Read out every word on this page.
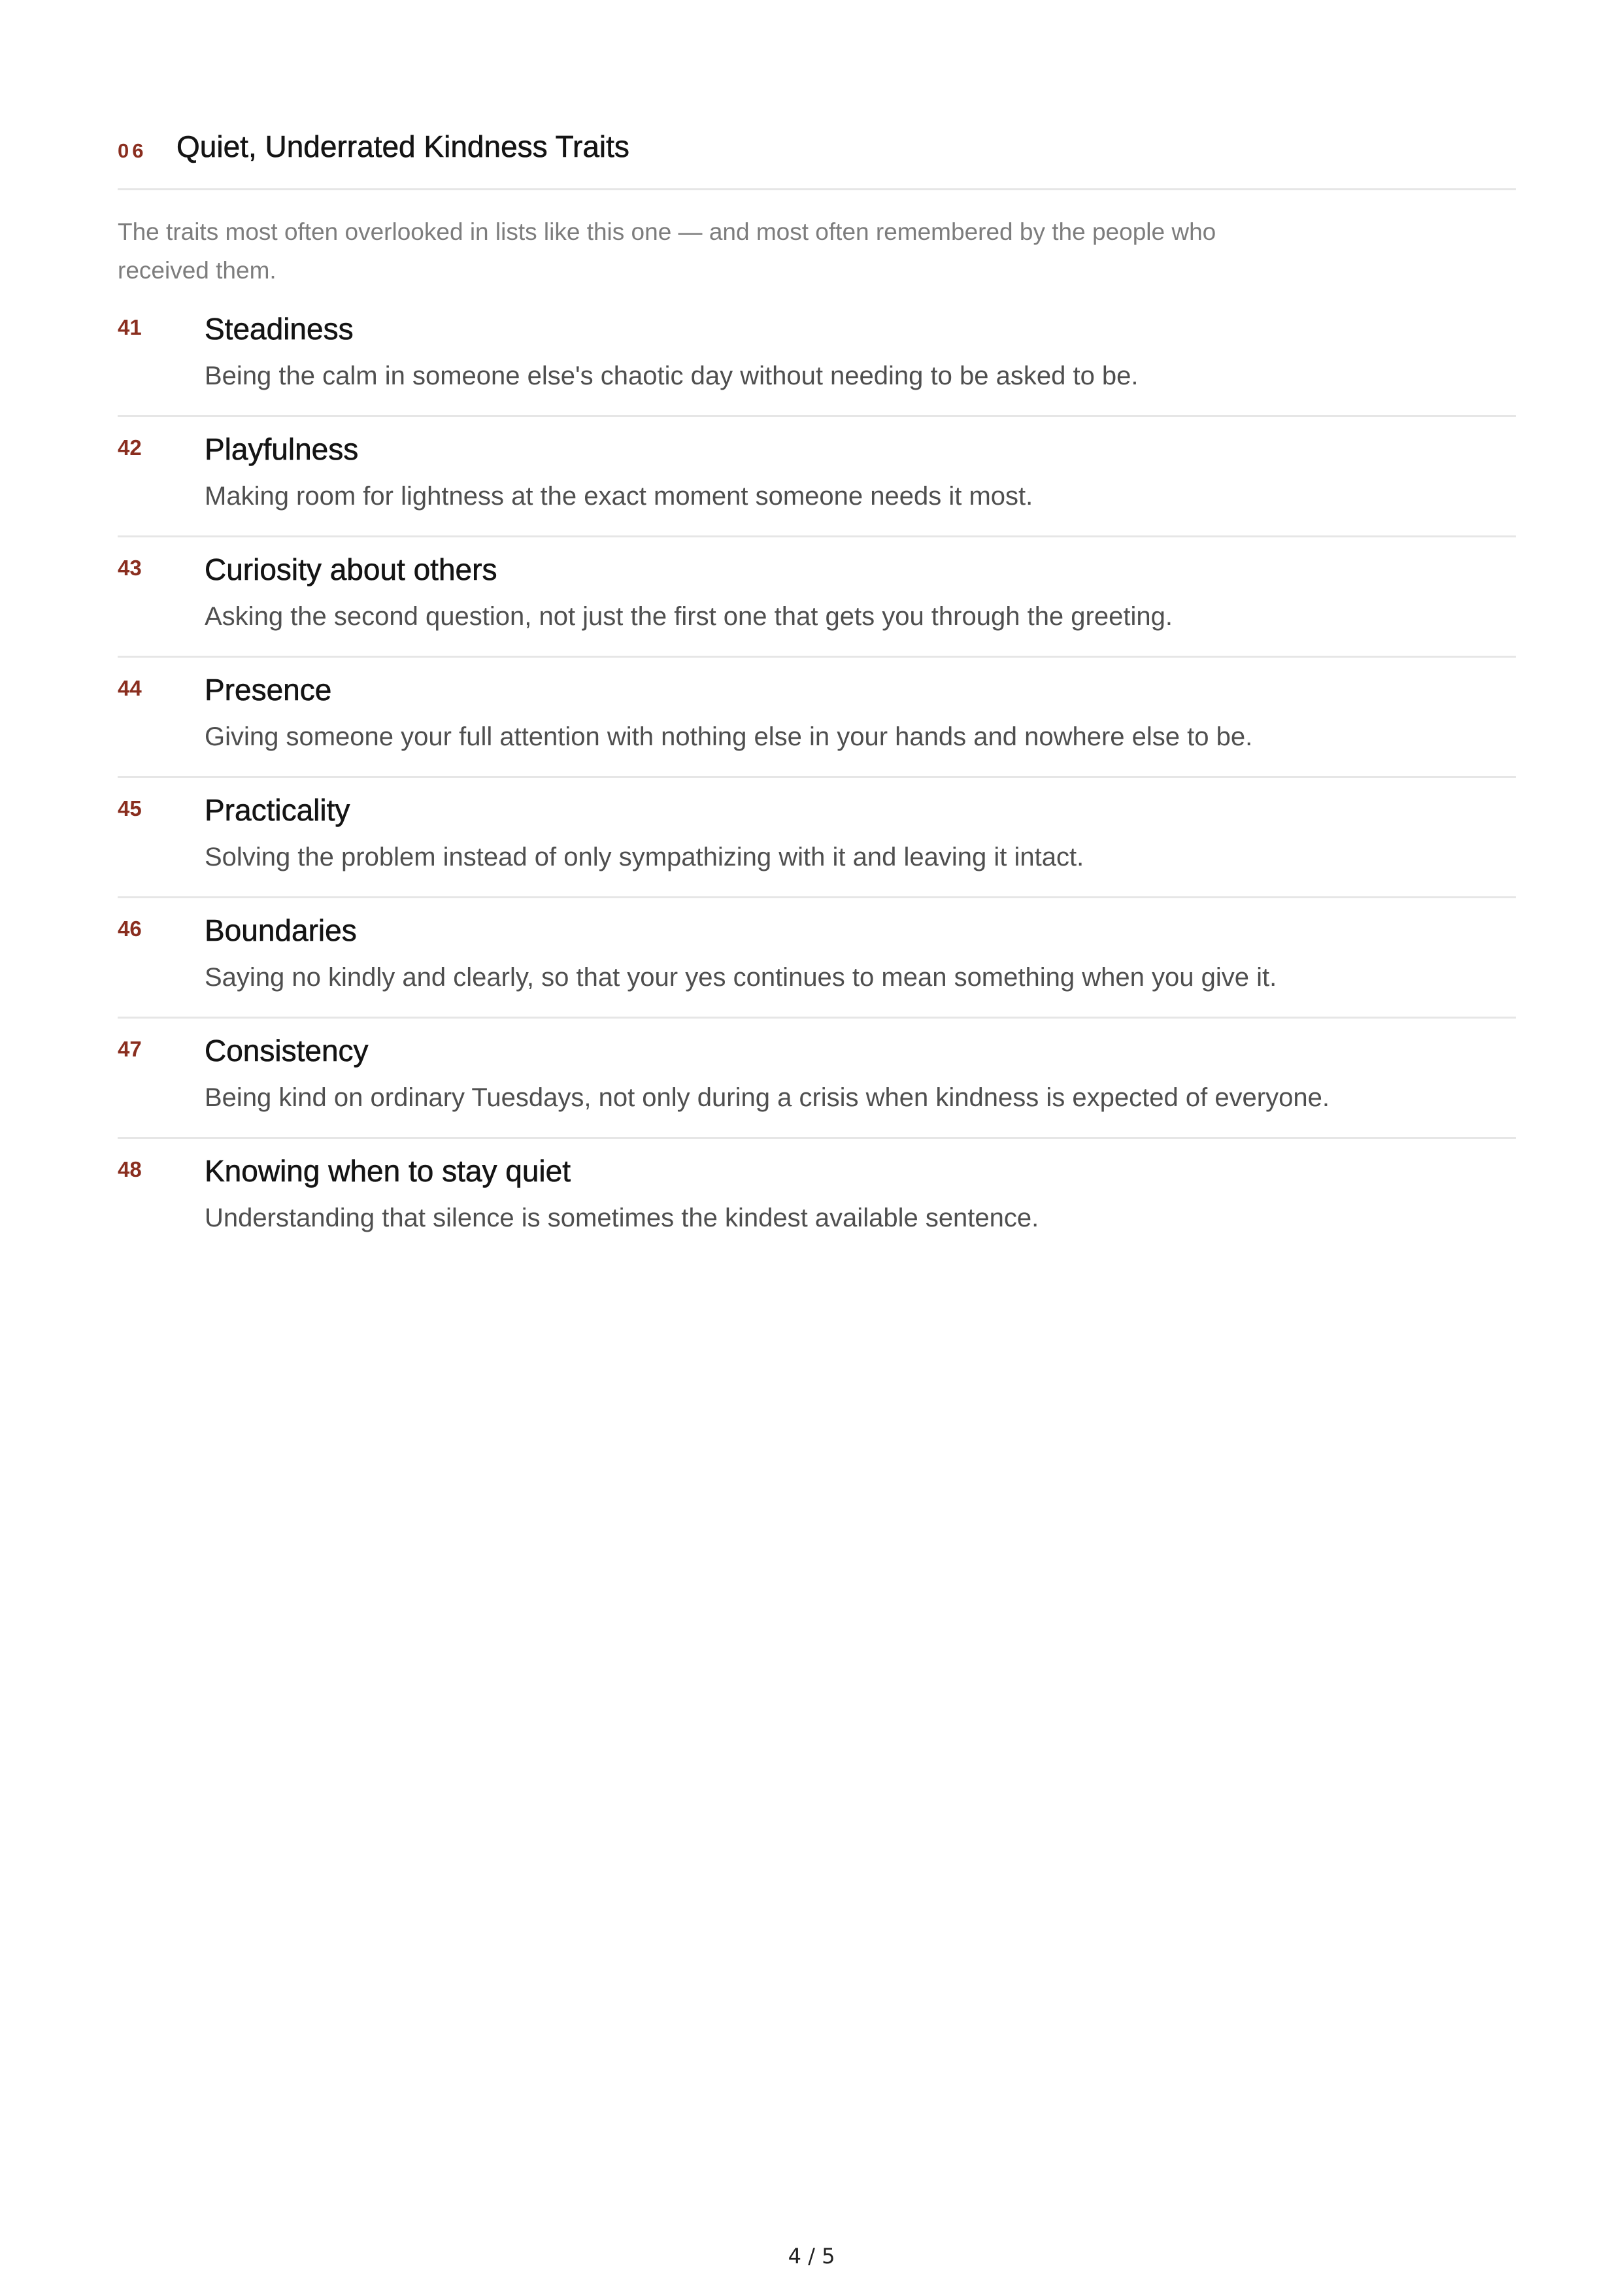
06 Quiet, Underrated Kindness Traits

The traits most often overlooked in lists like this one — and most often remembered by the people who received them.

41 Steadiness
Being the calm in someone else's chaotic day without needing to be asked to be.
42 Playfulness
Making room for lightness at the exact moment someone needs it most.
43 Curiosity about others
Asking the second question, not just the first one that gets you through the greeting.
44 Presence
Giving someone your full attention with nothing else in your hands and nowhere else to be.
45 Practicality
Solving the problem instead of only sympathizing with it and leaving it intact.
46 Boundaries
Saying no kindly and clearly, so that your yes continues to mean something when you give it.
47 Consistency
Being kind on ordinary Tuesdays, not only during a crisis when kindness is expected of everyone.
48 Knowing when to stay quiet
Understanding that silence is sometimes the kindest available sentence.
4 / 5
